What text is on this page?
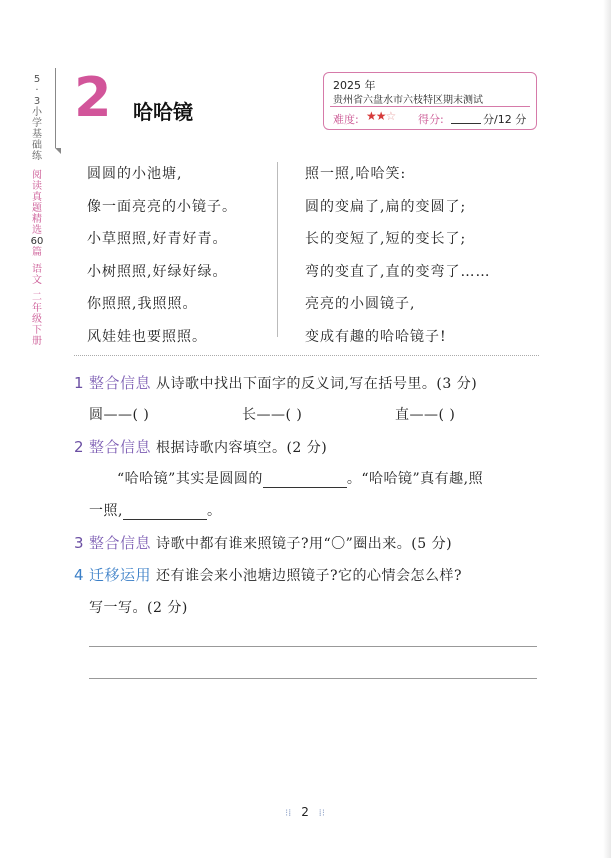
5
·
3
小
学
基
础
练
阅
读
真
题
精
选
60
篇
语
文
二
年
级
下
册
2 哈哈镜
2025 年
贵州省六盘水市六枝特区期末测试
难度: ★★☆ 得分:	分/12 分
圆圆的小池塘,
像一面亮亮的小镜子。
小草照照,好青好青。
小树照照,好绿好绿。
你照照,我照照。
风娃娃也要照照。
照一照,哈哈笑:
圆的变扁了,扁的变圆了;
长的变短了,短的变长了;
弯的变直了,直的变弯了……
亮亮的小圆镜子,
变成有趣的哈哈镜子!
1 整合信息 从诗歌中找出下面字的反义词,写在括号里。(3 分)
圆——( )	长——( )	直——( )
2 整合信息 根据诗歌内容填空。(2 分)
“哈哈镜”其实是圆圆的	。“哈哈镜”真有趣,照
一照,	。
3 整合信息 诗歌中都有谁来照镜子?用“〇”圈出来。(5 分)
4 迁移运用 还有谁会来小池塘边照镜子?它的心情会怎么样?
写一写。(2 分)
⁝⁞ 2 ⁞⁝
